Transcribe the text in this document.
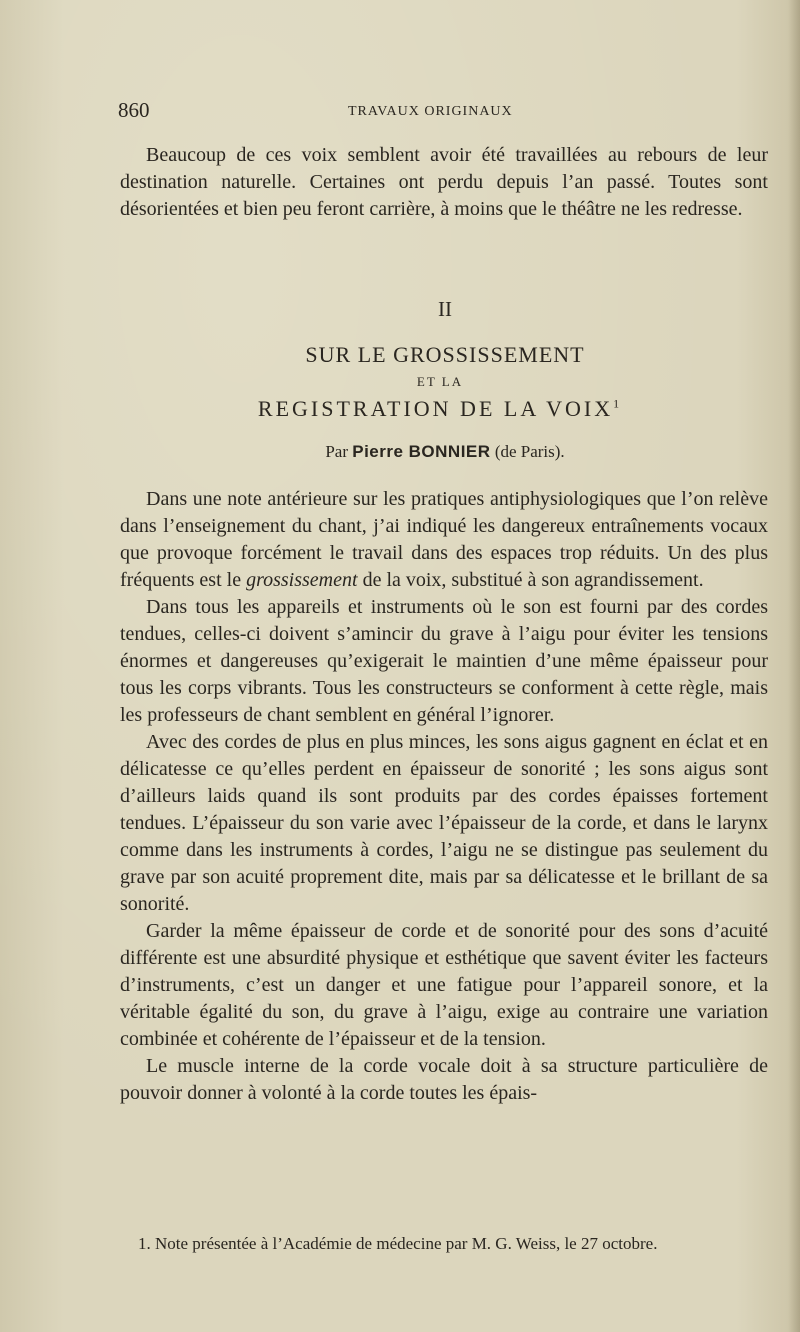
860	TRAVAUX ORIGINAUX
Beaucoup de ces voix semblent avoir été travaillées au rebours de leur destination naturelle. Certaines ont perdu depuis l’an passé. Toutes sont désorientées et bien peu feront carrière, à moins que le théâtre ne les redresse.
II
SUR LE GROSSISSEMENT
ET LA
REGISTRATION DE LA VOIX$^1$
Par Pierre BONNIER (de Paris).

Dans une note antérieure sur les pratiques antiphysiologiques que l’on relève dans l’enseignement du chant, j’ai indiqué les dangereux entraînements vocaux que provoque forcément le travail dans des espaces trop réduits. Un des plus fréquents est le grossissement de la voix, substitué à son agrandissement.

Dans tous les appareils et instruments où le son est fourni par des cordes tendues, celles-ci doivent s’amincir du grave à l’aigu pour éviter les tensions énormes et dangereuses qu’exigerait le maintien d’une même épaisseur pour tous les corps vibrants. Tous les constructeurs se conforment à cette règle, mais les professeurs de chant semblent en général l’ignorer.

Avec des cordes de plus en plus minces, les sons aigus gagnent en éclat et en délicatesse ce qu’elles perdent en épaisseur de sonorité ; les sons aigus sont d’ailleurs laids quand ils sont produits par des cordes épaisses fortement tendues. L’épaisseur du son varie avec l’épaisseur de la corde, et dans le larynx comme dans les instruments à cordes, l’aigu ne se distingue pas seulement du grave par son acuité proprement dite, mais par sa délicatesse et le brillant de sa sonorité.

Garder la même épaisseur de corde et de sonorité pour des sons d’acuité différente est une absurdité physique et esthétique que savent éviter les facteurs d’instruments, c’est un danger et une fatigue pour l’appareil sonore, et la véritable égalité du son, du grave à l’aigu, exige au contraire une variation combinée et cohérente de l’épaisseur et de la tension.

Le muscle interne de la corde vocale doit à sa structure particulière de pouvoir donner à volonté à la corde toutes les épais-

1. Note présentée à l’Académie de médecine par M. G. Weiss, le 27 octobre.
